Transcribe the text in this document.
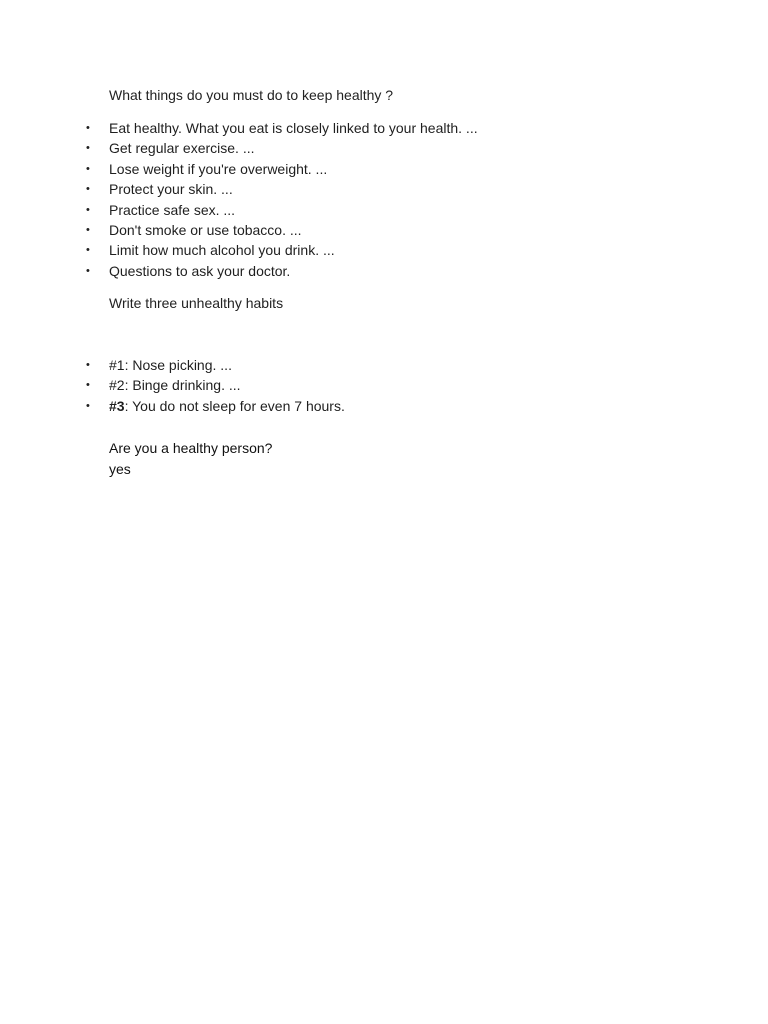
What things do you must do to keep healthy ?

• Eat healthy. What you eat is closely linked to your health. ...
• Get regular exercise. ...
• Lose weight if you're overweight. ...
• Protect your skin. ...
• Practice safe sex. ...
• Don't smoke or use tobacco. ...
• Limit how much alcohol you drink. ...
• Questions to ask your doctor.

Write three unhealthy habits

• #1: Nose picking. ...
• #2: Binge drinking. ...
• #3: You do not sleep for even 7 hours.

Are you a healthy person?

yes
